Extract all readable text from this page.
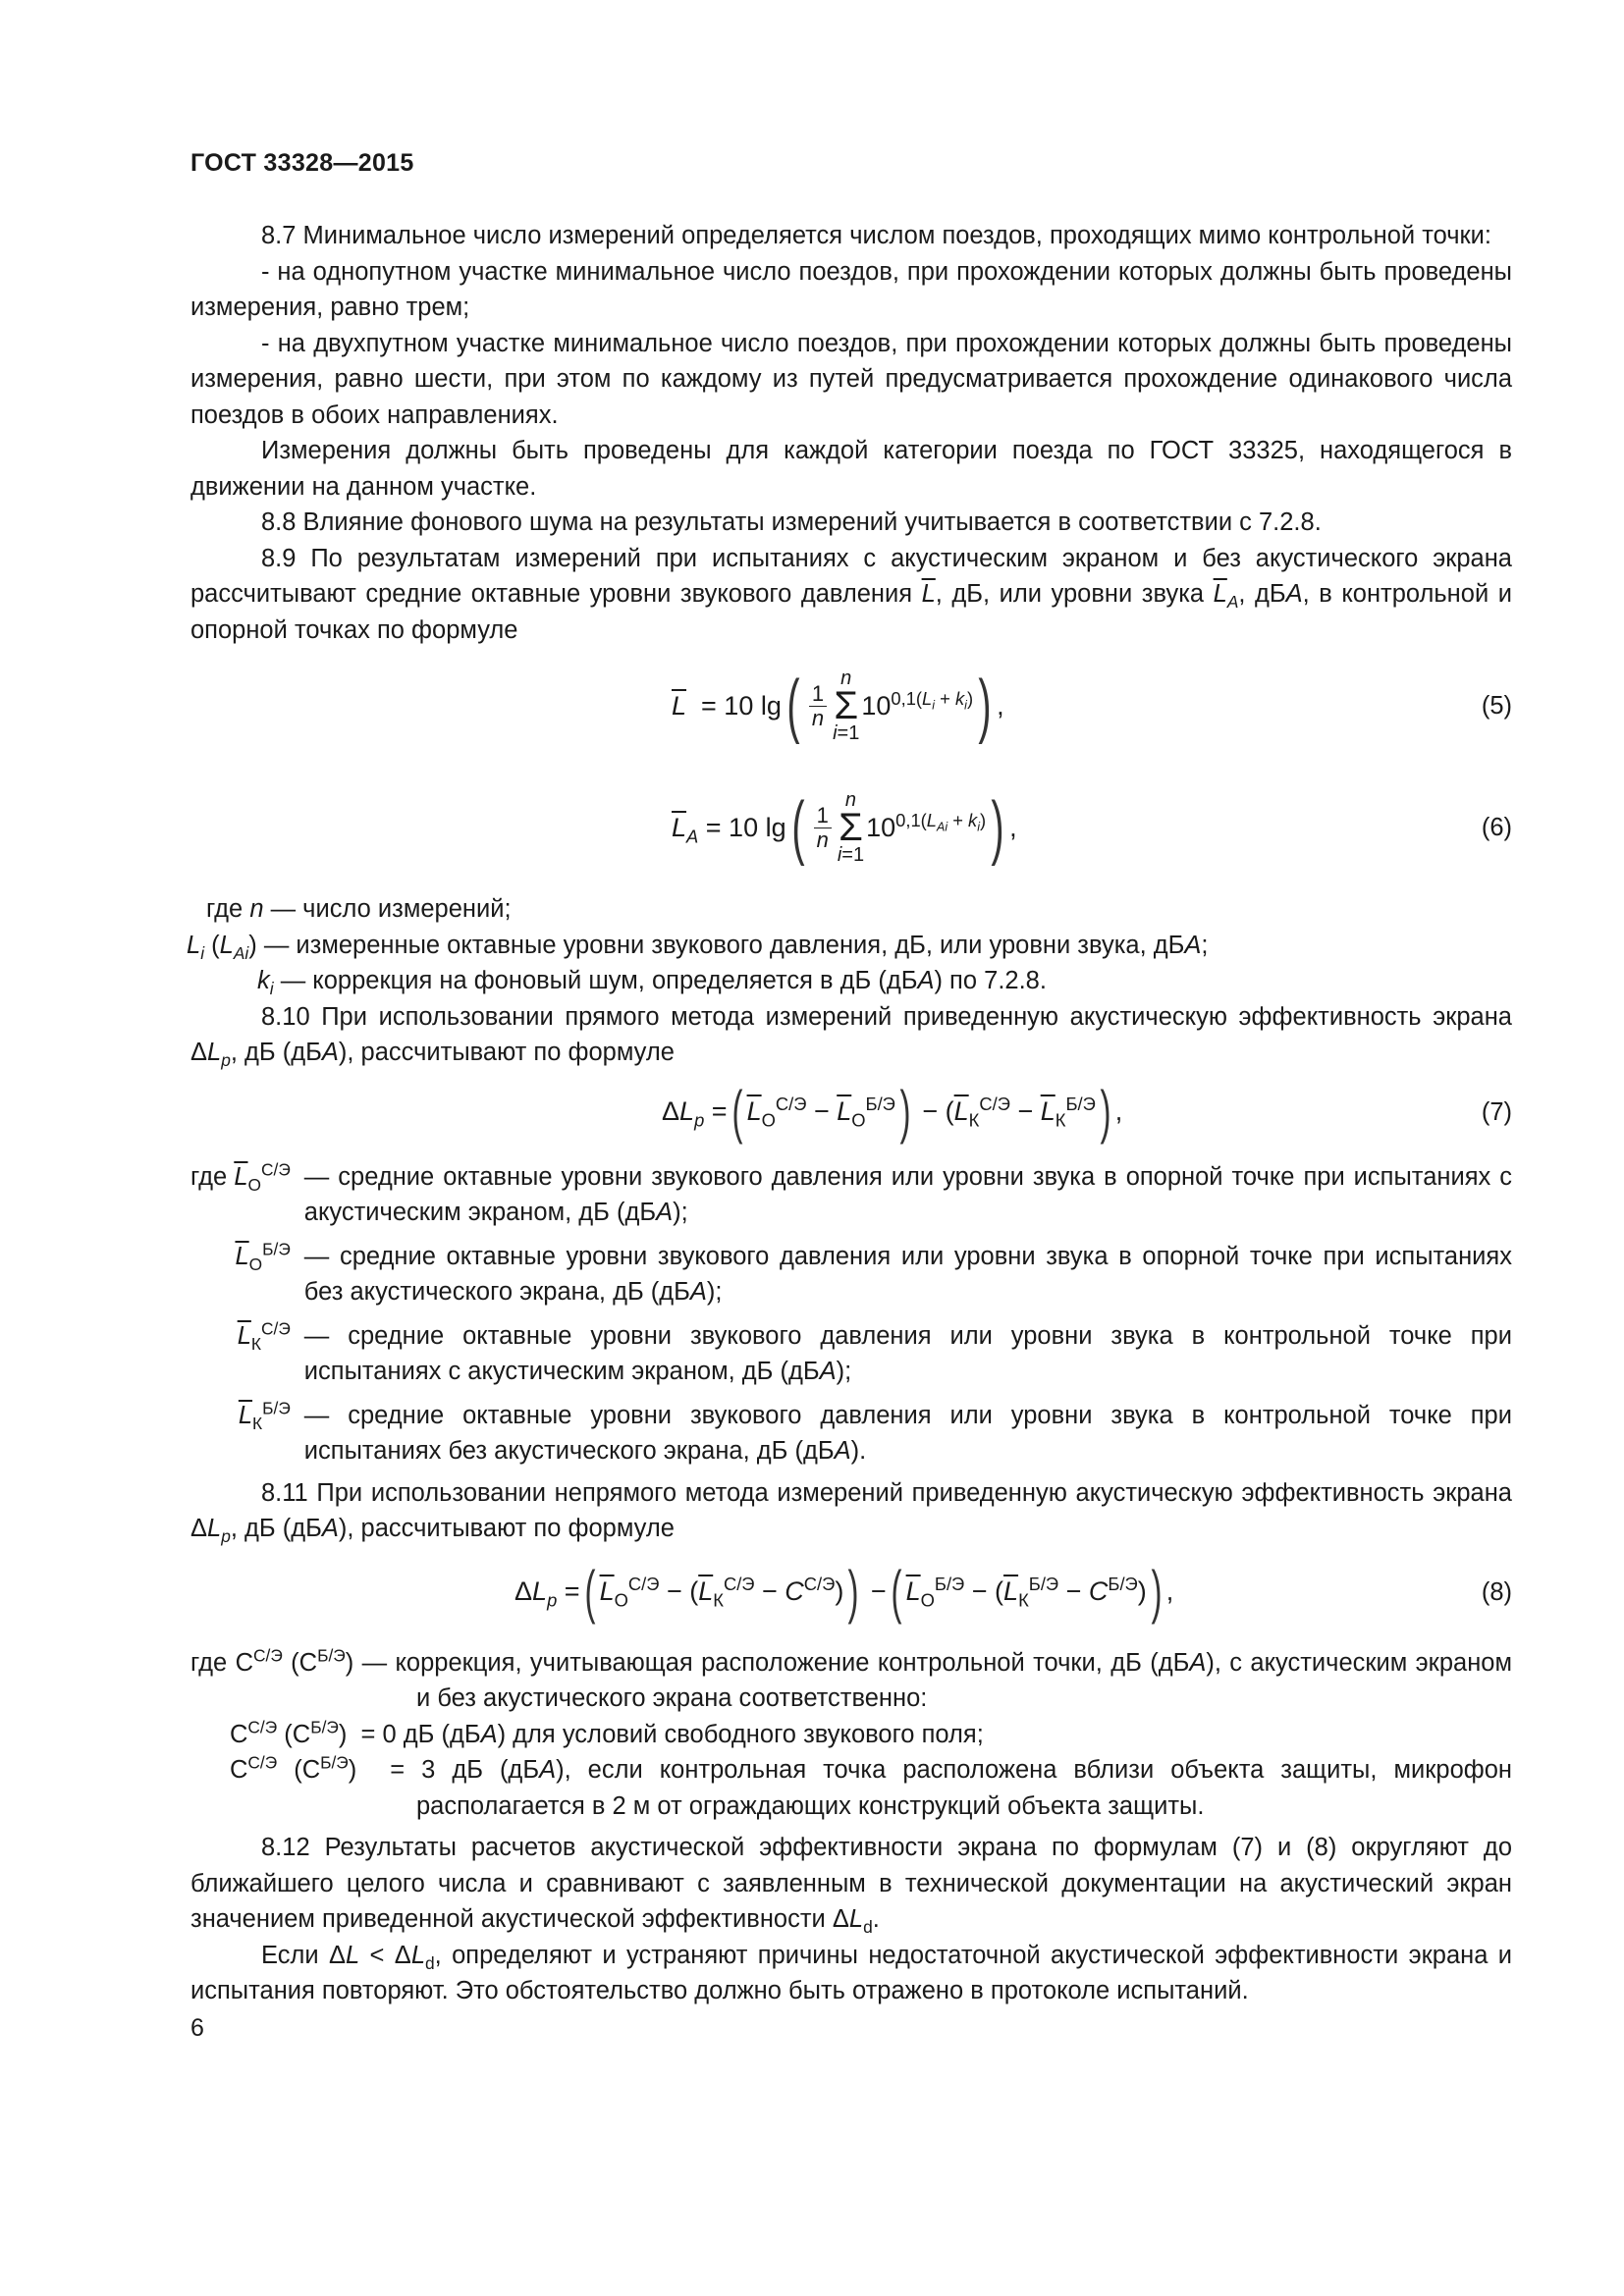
ГОСТ 33328—2015

8.7 Минимальное число измерений определяется числом поездов, проходящих мимо контрольной точки:

- на однопутном участке минимальное число поездов, при прохождении которых должны быть проведены измерения, равно трем;

- на двухпутном участке минимальное число поездов, при прохождении которых должны быть проведены измерения, равно шести, при этом по каждому из путей предусматривается прохождение одинакового числа поездов в обоих направлениях.

Измерения должны быть проведены для каждой категории поезда по ГОСТ 33325, находящегося в движении на данном участке.

8.8 Влияние фонового шума на результаты измерений учитывается в соответствии с 7.2.8.

8.9 По результатам измерений при испытаниях с акустическим экраном и без акустического экрана рассчитывают средние октавные уровни звукового давления $\overline{L}$, дБ, или уровни звука $\overline{L}_A$, дБA, в контрольной и опорной точках по формуле

$\overline{L} = 10$ lg ( $\frac{1}{n}$
n
Σ
i=1
$10^{0,1(L_i + k_i)}$ ) ,	(5)
$\overline{L}_A = 10$ lg ( $\frac{1}{n}$
n
Σ
i=1
$10^{0,1(L_{Ai} + k_i)}$ ) ,	(6)

где n — число измерений;

$L_i$ $(L_{Ai})$ — измеренные октавные уровни звукового давления, дБ, или уровни звука, дБA;

$k_i$ — коррекция на фоновый шум, определяется в дБ (дБA) по 7.2.8.

8.10 При использовании прямого метода измерений приведенную акустическую эффективность экрана $\Delta L_p$, дБ (дБA), рассчитывают по формуле

$\Delta L_p$ = ( $\overline{L}_О^{С/Э} - \overline{L}_О^{Б/Э}$ ) − ($\overline{L}_К^{С/Э} - \overline{L}_К^{Б/Э}$ ) ,	(7)
где $\overline{L}_О^{С/Э}$ — средние октавные уровни звукового давления или уровни звука в опорной точке при испытаниях с акустическим экраном, дБ (дБA);
$\overline{L}_О^{Б/Э}$ — средние октавные уровни звукового давления или уровни звука в опорной точке при испытаниях без акустического экрана, дБ (дБA);
$\overline{L}_К^{С/Э}$ — средние октавные уровни звукового давления или уровни звука в контрольной точке при испытаниях с акустическим экраном, дБ (дБA);
$\overline{L}_К^{Б/Э}$ — средние октавные уровни звукового давления или уровни звука в контрольной точке при испытаниях без акустического экрана, дБ (дБA).

8.11 При использовании непрямого метода измерений приведенную акустическую эффективность экрана $\Delta L_p$, дБ (дБA), рассчитывают по формуле

$\Delta L_p$ = ( $\overline{L}_О^{С/Э} - (\overline{L}_К^{С/Э} - C^{С/Э})$ ) − ( $\overline{L}_О^{Б/Э} - (\overline{L}_К^{Б/Э} - C^{Б/Э})$ ) ,	(8)

где $C^{С/Э}$ $(C^{Б/Э})$ — коррекция, учитывающая расположение контрольной точки, дБ (дБA), с акустическим экраном и без акустического экрана соответственно:

$C^{С/Э}$ $(C^{Б/Э}) = 0$ дБ (дБA) для условий свободного звукового поля;

$C^{С/Э}$ $(C^{Б/Э}) = 3$ дБ (дБA), если контрольная точка расположена вблизи объекта защиты, микрофон располагается в 2 м от ограждающих конструкций объекта защиты.

8.12 Результаты расчетов акустической эффективности экрана по формулам (7) и (8) округляют до ближайшего целого числа и сравнивают с заявленным в технической документации на акустический экран значением приведенной акустической эффективности $\Delta L_d$.

Если $\Delta L < \Delta L_d$, определяют и устраняют причины недостаточной акустической эффективности экрана и испытания повторяют. Это обстоятельство должно быть отражено в протоколе испытаний.

6
